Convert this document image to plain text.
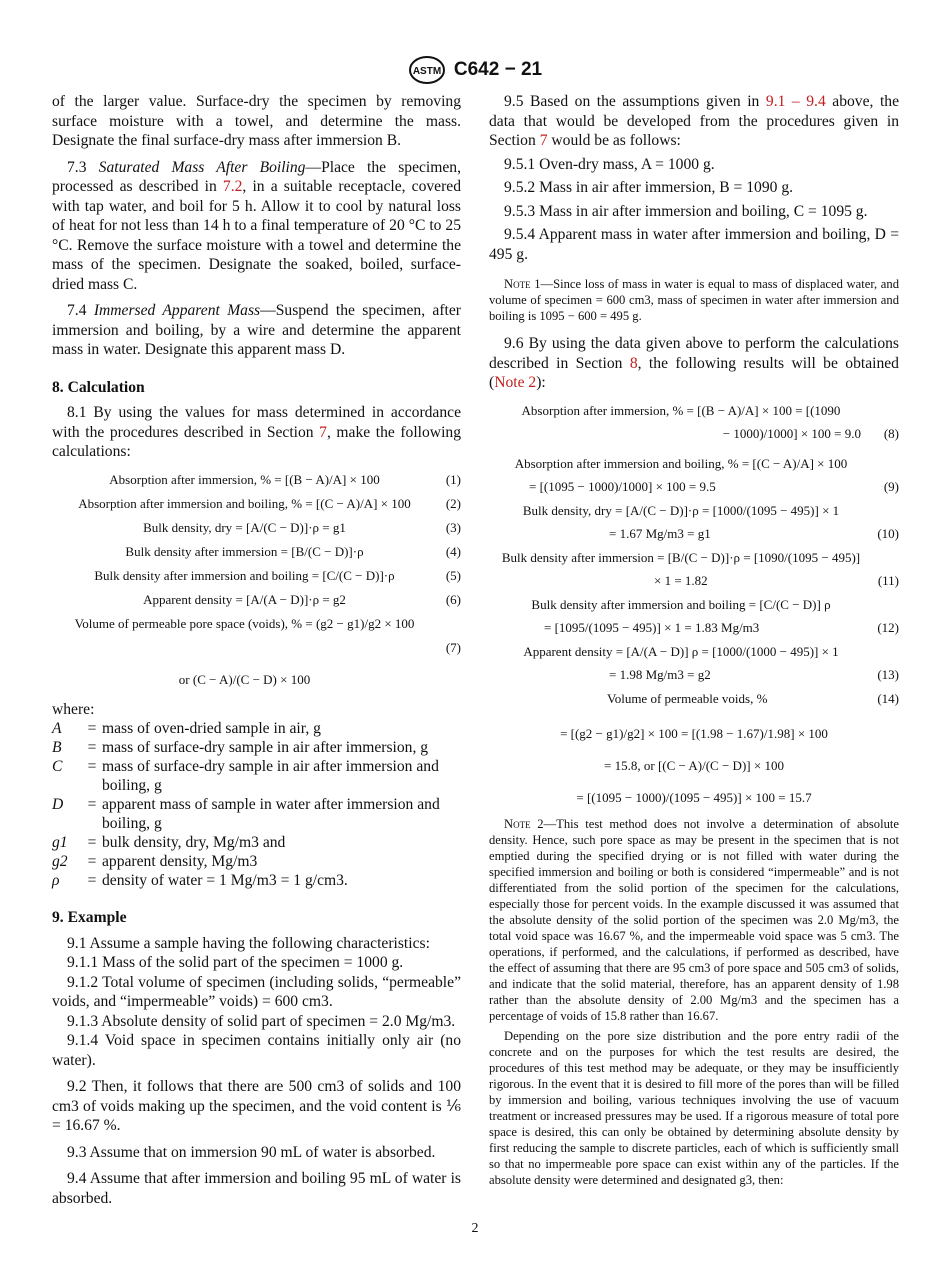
ASTM C642 − 21

of the larger value. Surface-dry the specimen by removing surface moisture with a towel, and determine the mass. Designate the final surface-dry mass after immersion B.

7.3 Saturated Mass After Boiling—Place the specimen, processed as described in 7.2, in a suitable receptacle, covered with tap water, and boil for 5 h. Allow it to cool by natural loss of heat for not less than 14 h to a final temperature of 20 °C to 25 °C. Remove the surface moisture with a towel and determine the mass of the specimen. Designate the soaked, boiled, surface-dried mass C.

7.4 Immersed Apparent Mass—Suspend the specimen, after immersion and boiling, by a wire and determine the apparent mass in water. Designate this apparent mass D.

8. Calculation

8.1 By using the values for mass determined in accordance with the procedures described in Section 7, make the following calculations:

Absorption after immersion, % = [(B − A)/A] × 100	(1)
Absorption after immersion and boiling, % = [(C − A)/A] × 100	(2)
Bulk density, dry = [A/(C − D)]·ρ = g1	(3)
Bulk density after immersion = [B/(C − D)]·ρ	(4)
Bulk density after immersion and boiling = [C/(C − D)]·ρ	(5)
Apparent density = [A/(A − D)]·ρ = g2	(6)
Volume of permeable pore space (voids), % = (g2 − g1)/g2 × 100
(7)
or (C − A)/(C − D) × 100

where:

A	=	mass of oven-dried sample in air, g
B	=	mass of surface-dry sample in air after immersion, g
C	=	mass of surface-dry sample in air after immersion and boiling, g
D	=	apparent mass of sample in water after immersion and boiling, g
g1	=	bulk density, dry, Mg/m3 and
g2	=	apparent density, Mg/m3
ρ	=	density of water = 1 Mg/m3 = 1 g/cm3.
9. Example

9.1 Assume a sample having the following characteristics:

9.1.1 Mass of the solid part of the specimen = 1000 g.

9.1.2 Total volume of specimen (including solids, “permeable” voids, and “impermeable” voids) = 600 cm3.

9.1.3 Absolute density of solid part of specimen = 2.0 Mg/m3.

9.1.4 Void space in specimen contains initially only air (no water).

9.2 Then, it follows that there are 500 cm3 of solids and 100 cm3 of voids making up the specimen, and the void content is ⅙ = 16.67 %.

9.3 Assume that on immersion 90 mL of water is absorbed.

9.4 Assume that after immersion and boiling 95 mL of water is absorbed.

9.5 Based on the assumptions given in 9.1 – 9.4 above, the data that would be developed from the procedures given in Section 7 would be as follows:

9.5.1 Oven-dry mass, A = 1000 g.

9.5.2 Mass in air after immersion, B = 1090 g.

9.5.3 Mass in air after immersion and boiling, C = 1095 g.

9.5.4 Apparent mass in water after immersion and boiling, D = 495 g.

Note 1—Since loss of mass in water is equal to mass of displaced water, and volume of specimen = 600 cm3, mass of specimen in water after immersion and boiling is 1095 − 600 = 495 g.

9.6 By using the data given above to perform the calculations described in Section 8, the following results will be obtained (Note 2):

Absorption after immersion, % = [(B − A)/A] × 100 = [(1090
− 1000)/1000] × 100 = 9.0	(8)
Absorption after immersion and boiling, % = [(C − A)/A] × 100
= [(1095 − 1000)/1000] × 100 = 9.5	(9)
Bulk density, dry = [A/(C − D)]·ρ = [1000/(1095 − 495)] × 1
= 1.67 Mg/m3 = g1	(10)
Bulk density after immersion = [B/(C − D)]·ρ = [1090/(1095 − 495)]
× 1 = 1.82	(11)
Bulk density after immersion and boiling = [C/(C − D)] ρ
= [1095/(1095 − 495)] × 1 = 1.83 Mg/m3	(12)
Apparent density = [A/(A − D)] ρ = [1000/(1000 − 495)] × 1
= 1.98 Mg/m3 = g2	(13)
Volume of permeable voids, %	(14)
= [(g2 − g1)/g2] × 100 = [(1.98 − 1.67)/1.98] × 100
= 15.8, or [(C − A)/(C − D)] × 100
= [(1095 − 1000)/(1095 − 495)] × 100 = 15.7

Note 2—This test method does not involve a determination of absolute density. Hence, such pore space as may be present in the specimen that is not emptied during the specified drying or is not filled with water during the specified immersion and boiling or both is considered “impermeable” and is not differentiated from the solid portion of the specimen for the calculations, especially those for percent voids. In the example discussed it was assumed that the absolute density of the solid portion of the specimen was 2.0 Mg/m3, the total void space was 16.67 %, and the impermeable void space was 5 cm3. The operations, if performed, and the calculations, if performed as described, have the effect of assuming that there are 95 cm3 of pore space and 505 cm3 of solids, and indicate that the solid material, therefore, has an apparent density of 1.98 rather than the absolute density of 2.00 Mg/m3 and the specimen has a percentage of voids of 15.8 rather than 16.67.

Depending on the pore size distribution and the pore entry radii of the concrete and on the purposes for which the test results are desired, the procedures of this test method may be adequate, or they may be insufficiently rigorous. In the event that it is desired to fill more of the pores than will be filled by immersion and boiling, various techniques involving the use of vacuum treatment or increased pressures may be used. If a rigorous measure of total pore space is desired, this can only be obtained by determining absolute density by first reducing the sample to discrete particles, each of which is sufficiently small so that no impermeable pore space can exist within any of the particles. If the absolute density were determined and designated g3, then:

2
